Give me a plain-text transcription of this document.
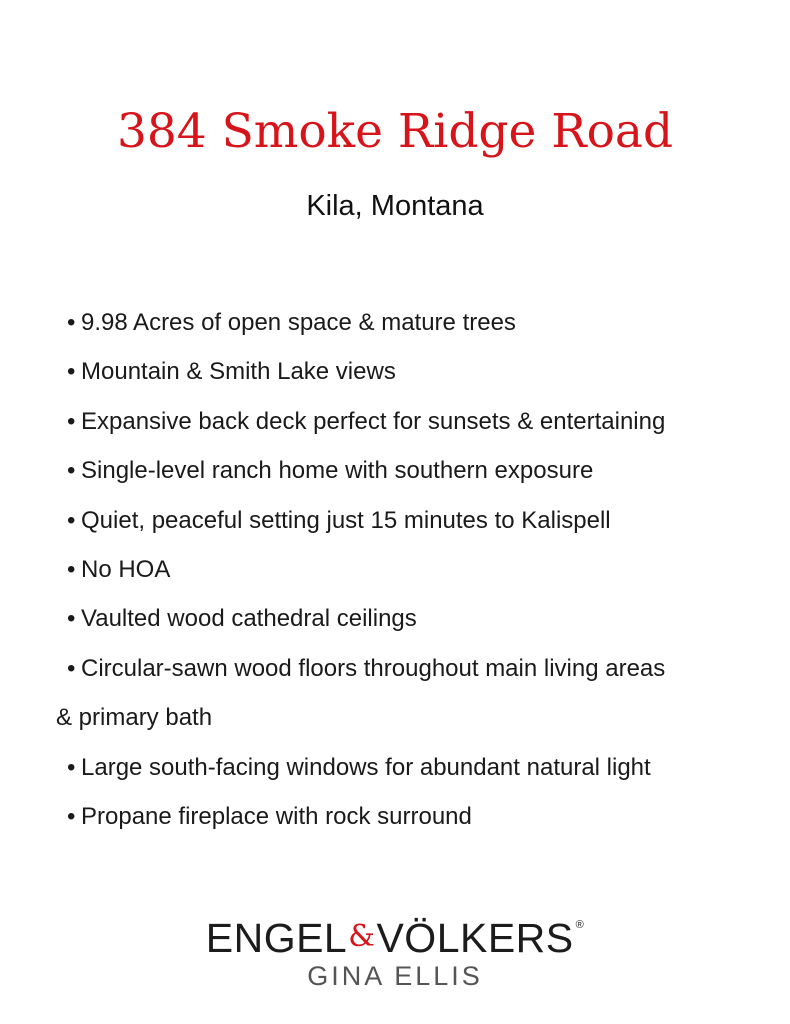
384 Smoke Ridge Road
Kila, Montana
• 9.98 Acres of open space & mature trees
• Mountain & Smith Lake views
• Expansive back deck perfect for sunsets & entertaining
• Single-level ranch home with southern exposure
• Quiet, peaceful setting just 15 minutes to Kalispell
• No HOA
• Vaulted wood cathedral ceilings
• Circular-sawn wood floors throughout main living areas
& primary bath
• Large south-facing windows for abundant natural light
• Propane fireplace with rock surround
ENGEL&VÖLKERS ®
GINA ELLIS
